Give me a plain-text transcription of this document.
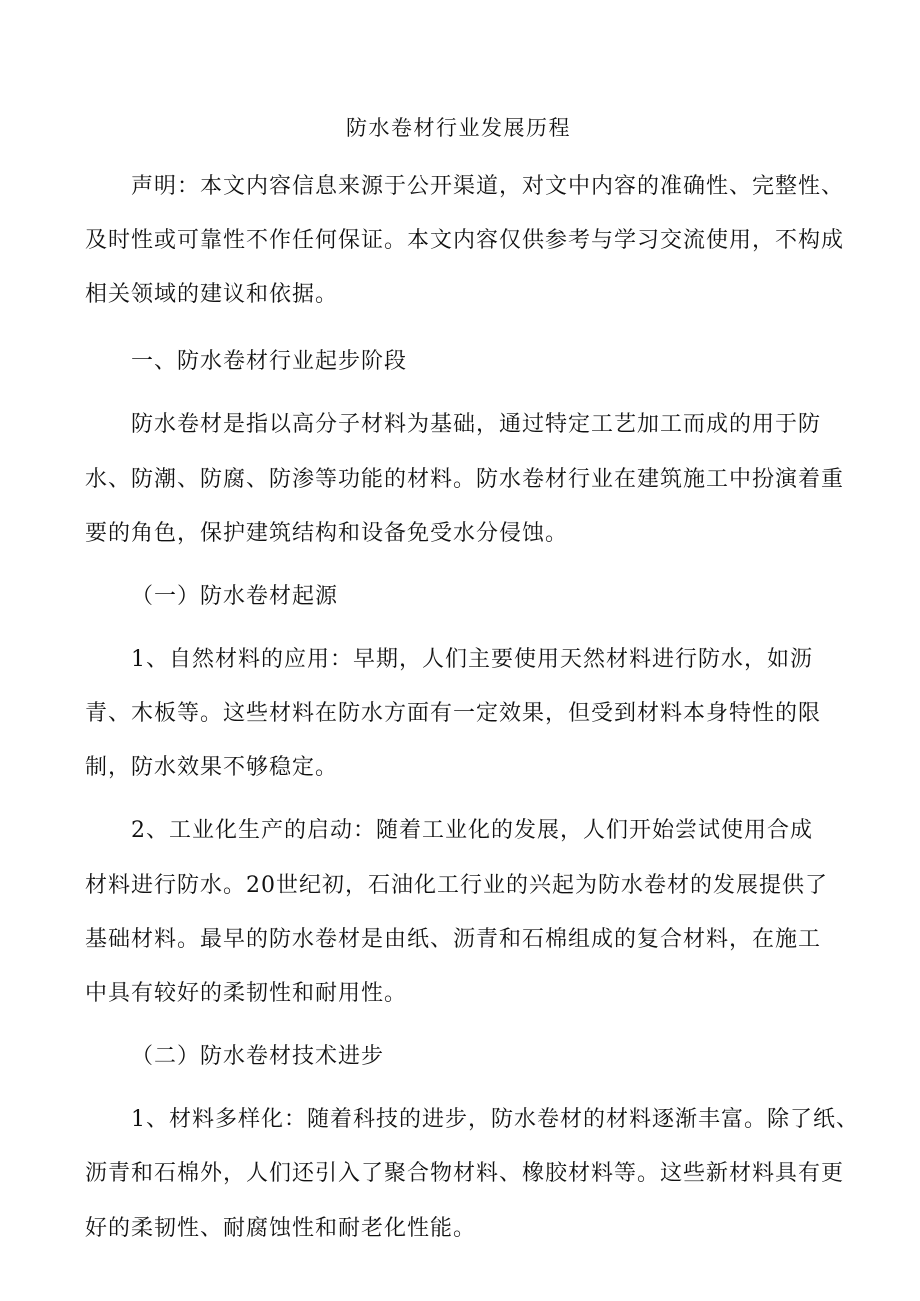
防水卷材行业发展历程
声明：本文内容信息来源于公开渠道，对文中内容的准确性、完整性、
及时性或可靠性不作任何保证。本文内容仅供参考与学习交流使用，不构成
相关领域的建议和依据。
一、防水卷材行业起步阶段
防水卷材是指以高分子材料为基础，通过特定工艺加工而成的用于防
水、防潮、防腐、防渗等功能的材料。防水卷材行业在建筑施工中扮演着重
要的角色，保护建筑结构和设备免受水分侵蚀。
（一）防水卷材起源
1、自然材料的应用：早期，人们主要使用天然材料进行防水，如沥
青、木板等。这些材料在防水方面有一定效果，但受到材料本身特性的限
制，防水效果不够稳定。
2、工业化生产的启动：随着工业化的发展，人们开始尝试使用合成
材料进行防水。20世纪初，石油化工行业的兴起为防水卷材的发展提供了
基础材料。最早的防水卷材是由纸、沥青和石棉组成的复合材料，在施工
中具有较好的柔韧性和耐用性。
（二）防水卷材技术进步
1、材料多样化：随着科技的进步，防水卷材的材料逐渐丰富。除了纸、
沥青和石棉外，人们还引入了聚合物材料、橡胶材料等。这些新材料具有更
好的柔韧性、耐腐蚀性和耐老化性能。
